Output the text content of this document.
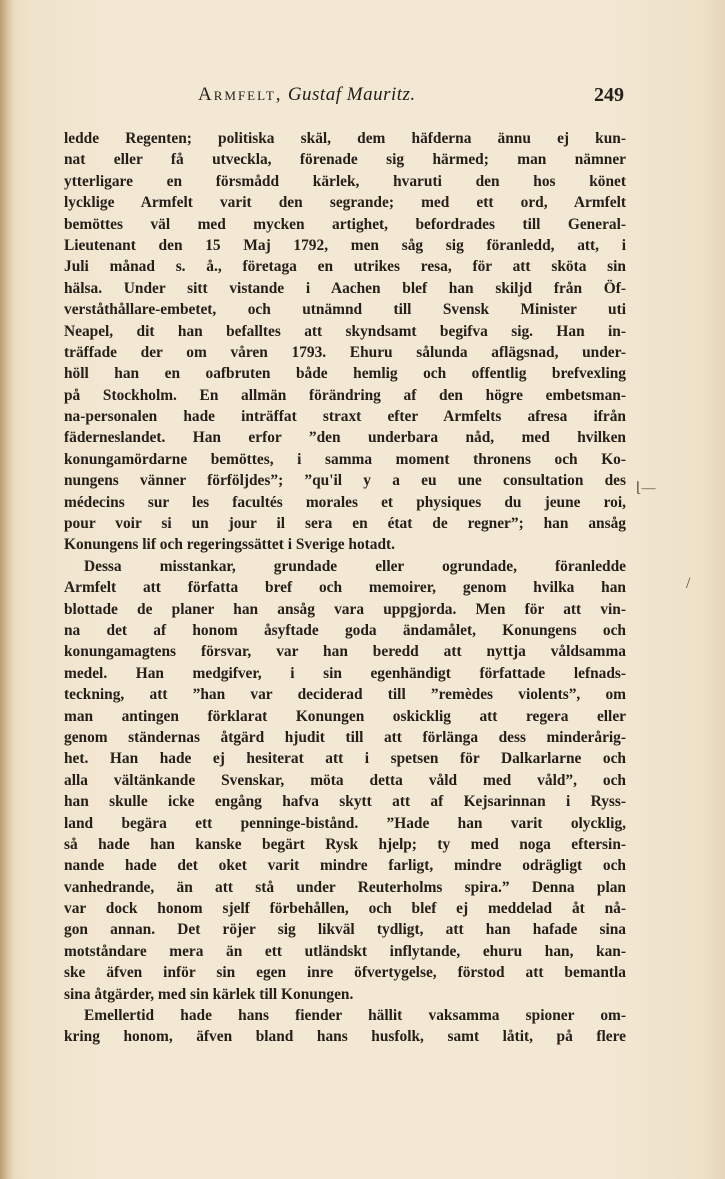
Armfelt, Gustaf Mauritz.	249
ledde Regenten; politiska skäl, dem häfderna ännu ej kun-
nat eller få utveckla, förenade sig härmed; man nämner
ytterligare en försmådd kärlek, hvaruti den hos könet
lycklige Armfelt varit den segrande; med ett ord, Armfelt
bemöttes väl med mycken artighet, befordrades till General-
Lieutenant den 15 Maj 1792, men såg sig föranledd, att, i
Juli månad s. å., företaga en utrikes resa, för att sköta sin
hälsa. Under sitt vistande i Aachen blef han skiljd från Öf-
verståthållare-embetet, och utnämnd till Svensk Minister uti
Neapel, dit han befalltes att skyndsamt begifva sig. Han in-
träffade der om våren 1793. Ehuru sålunda aflägsnad, under-
höll han en oafbruten både hemlig och offentlig brefvexling
på Stockholm. En allmän förändring af den högre embetsman-
na-personalen hade inträffat straxt efter Armfelts afresa ifrån
fäderneslandet. Han erfor ”den underbara nåd, med hvilken
konungamördarne bemöttes, i samma moment thronens och Ko-
nungens vänner förföljdes”; ”qu'il y a eu une consultation des
médecins sur les facultés morales et physiques du jeune roi,
pour voir si un jour il sera en état de regner”; han ansåg
Konungens lif och regeringssättet i Sverige hotadt.
Dessa misstankar, grundade eller ogrundade, föranledde
Armfelt att författa bref och memoirer, genom hvilka han
blottade de planer han ansåg vara uppgjorda. Men för att vin-
na det af honom åsyftade goda ändamålet, Konungens och
konungamagtens försvar, var han beredd att nyttja våldsamma
medel. Han medgifver, i sin egenhändigt författade lefnads-
teckning, att ”han var deciderad till ”remèdes violents”, om
man antingen förklarat Konungen oskicklig att regera eller
genom ständernas åtgärd hjudit till att förlänga dess minderårig-
het. Han hade ej hesiterat att i spetsen för Dalkarlarne och
alla vältänkande Svenskar, möta detta våld med våld”, och
han skulle icke engång hafva skytt att af Kejsarinnan i Ryss-
land begära ett penninge-bistånd. ”Hade han varit olycklig,
så hade han kanske begärt Rysk hjelp; ty med noga eftersin-
nande hade det oket varit mindre farligt, mindre odrägligt och
vanhedrande, än att stå under Reuterholms spira.” Denna plan
var dock honom sjelf förbehållen, och blef ej meddelad åt nå-
gon annan. Det röjer sig likväl tydligt, att han hafade sina
motståndare mera än ett utländskt inflytande, ehuru han, kan-
ske äfven inför sin egen inre öfvertygelse, förstod att bemantla
sina åtgärder, med sin kärlek till Konungen.
Emellertid hade hans fiender hällit vaksamma spioner om-
kring honom, äfven bland hans husfolk, samt låtit, på flere
⌊—
/
